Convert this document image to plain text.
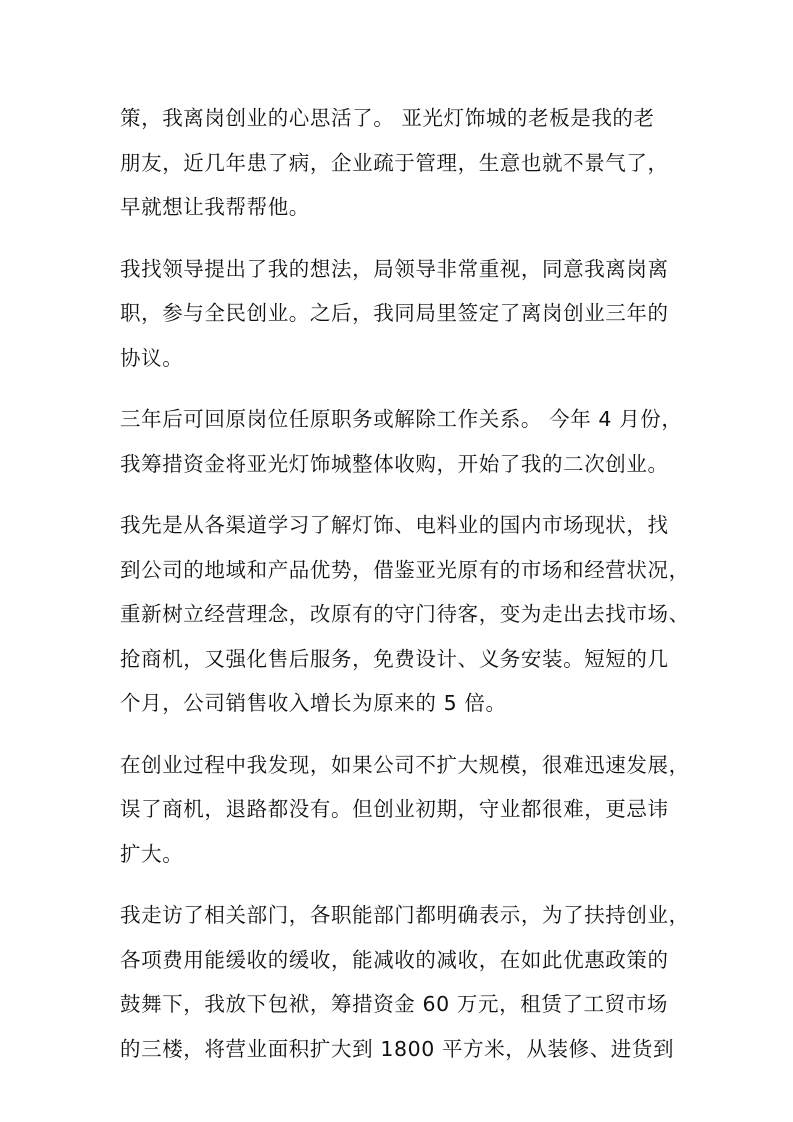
策，我离岗创业的心思活了。 亚光灯饰城的老板是我的老
朋友，近几年患了病，企业疏于管理，生意也就不景气了，
早就想让我帮帮他。
我找领导提出了我的想法，局领导非常重视，同意我离岗离
职，参与全民创业。之后，我同局里签定了离岗创业三年的
协议。
三年后可回原岗位任原职务或解除工作关系。 今年 4 月份，
我筹措资金将亚光灯饰城整体收购，开始了我的二次创业。
我先是从各渠道学习了解灯饰、电料业的国内市场现状，找
到公司的地域和产品优势，借鉴亚光原有的市场和经营状况，
重新树立经营理念，改原有的守门待客，变为走出去找市场、
抢商机，又强化售后服务，免费设计、义务安装。短短的几
个月，公司销售收入增长为原来的 5 倍。
在创业过程中我发现，如果公司不扩大规模，很难迅速发展，
误了商机，退路都没有。但创业初期，守业都很难，更忌讳
扩大。
我走访了相关部门，各职能部门都明确表示，为了扶持创业，
各项费用能缓收的缓收，能减收的减收，在如此优惠政策的
鼓舞下，我放下包袱，筹措资金 60 万元，租赁了工贸市场
的三楼，将营业面积扩大到 1800 平方米，从装修、进货到
